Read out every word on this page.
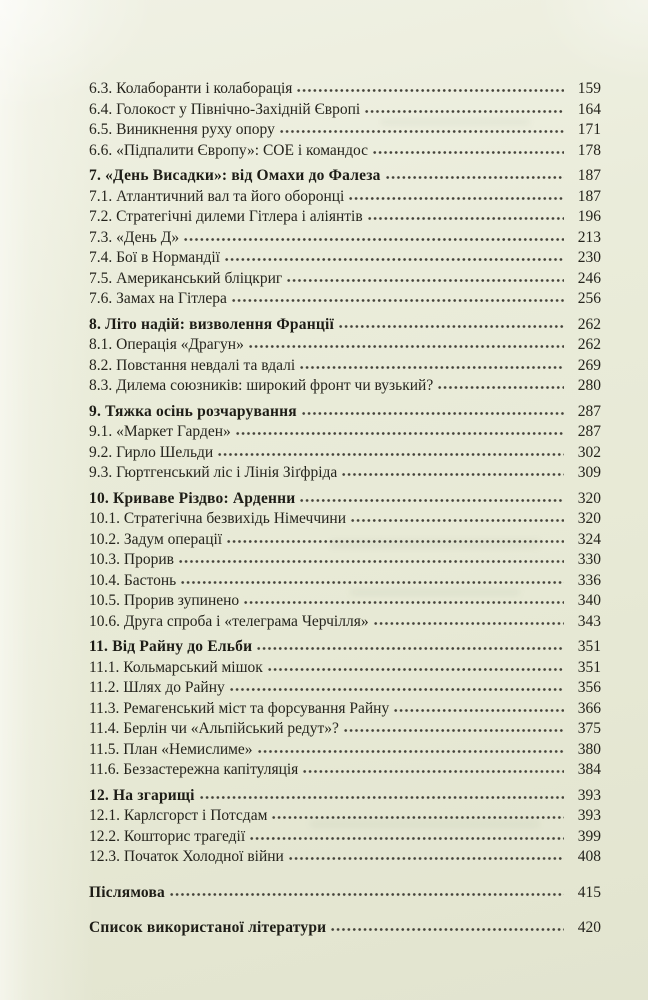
6.3. Колаборанти і колаборація	159
6.4. Голокост у Північно-Західній Європі	164
6.5. Виникнення руху опору	171
6.6. «Підпалити Європу»: СОЕ і командос	178
7. «День Висадки»: від Омахи до Фалеза	187
7.1. Атлантичний вал та його оборонці	187
7.2. Стратегічні дилеми Гітлера і аліянтів	196
7.3. «День Д»	213
7.4. Бої в Нормандії	230
7.5. Американський бліцкриг	246
7.6. Замах на Гітлера	256
8. Літо надій: визволення Франції	262
8.1. Операція «Драгун»	262
8.2. Повстання невдалі та вдалі	269
8.3. Дилема союзників: широкий фронт чи вузький?	280
9. Тяжка осінь розчарування	287
9.1. «Маркет Гарден»	287
9.2. Гирло Шельди	302
9.3. Гюртгенський ліс і Лінія Зіґфріда	309
10. Криваве Різдво: Арденни	320
10.1. Стратегічна безвихідь Німеччини	320
10.2. Задум операції	324
10.3. Прорив	330
10.4. Бастонь	336
10.5. Прорив зупинено	340
10.6. Друга спроба і «телеграма Черчілля»	343
11. Від Райну до Ельби	351
11.1. Кольмарський мішок	351
11.2. Шлях до Райну	356
11.3. Ремагенський міст та форсування Райну	366
11.4. Берлін чи «Альпійський редут»?	375
11.5. План «Немислиме»	380
11.6. Беззастережна капітуляція	384
12. На згарищі	393
12.1. Карлсгорст і Потсдам	393
12.2. Кошторис трагедії	399
12.3. Початок Холодної війни	408
Післямова	415
Список використаної літератури	420
